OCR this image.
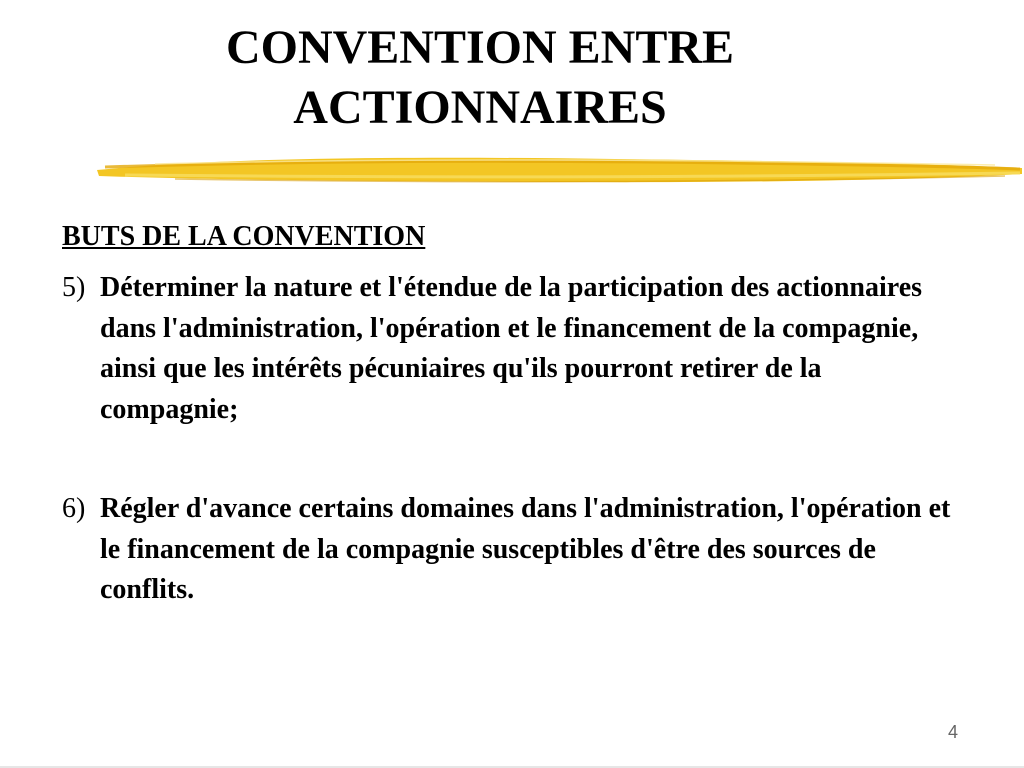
CONVENTION ENTRE
ACTIONNAIRES
BUTS DE LA CONVENTION
5) Déterminer la nature et l'étendue de la participation des actionnaires dans l'administration, l'opération et le financement de la compagnie, ainsi que les intérêts pécuniaires qu'ils pourront retirer de la compagnie;
6) Régler d'avance certains domaines dans l'administration, l'opération et le financement de la compagnie susceptibles d'être des sources de conflits.
4
